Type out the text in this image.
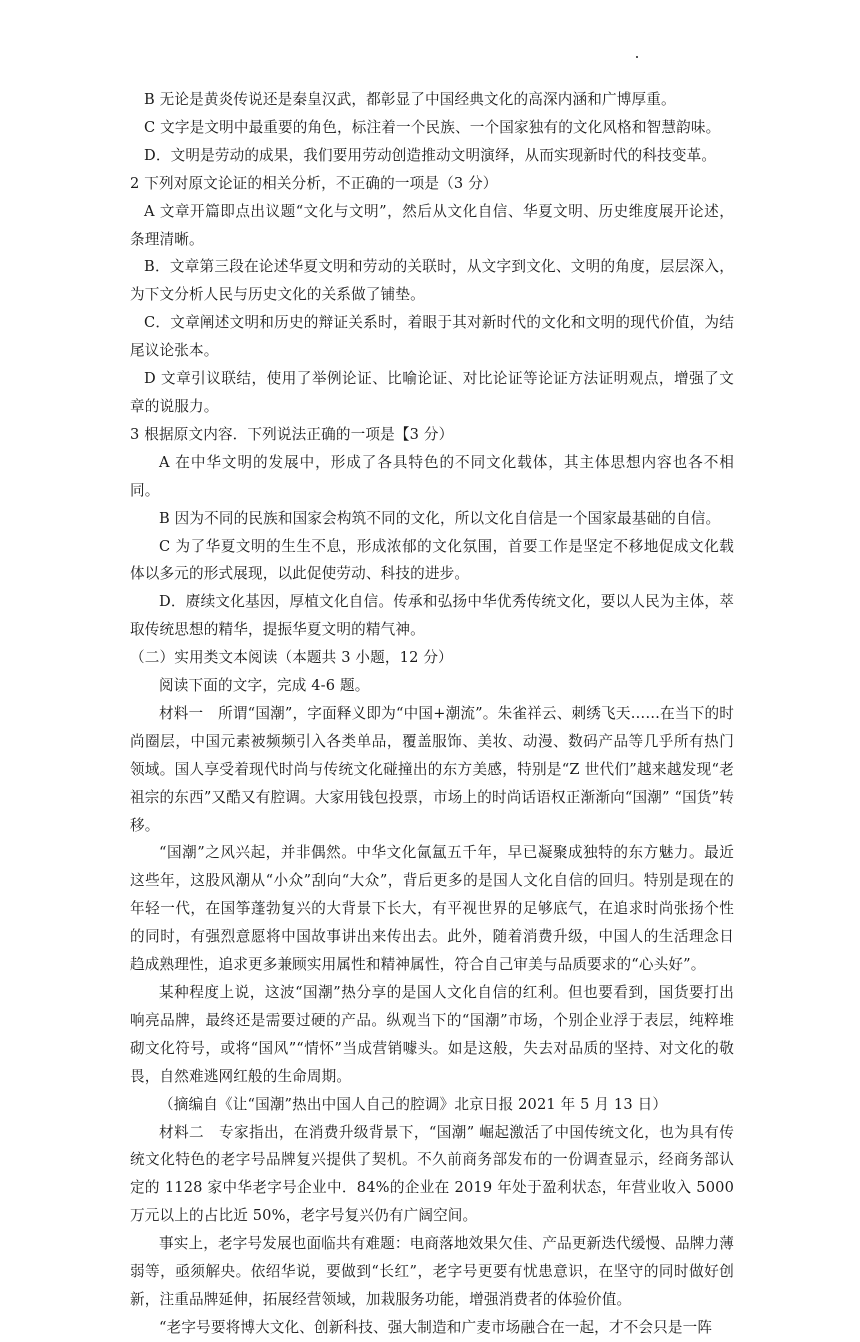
B 无论是黄炎传说还是秦皇汉武，都彰显了中国经典文化的高深内涵和广博厚重。

C 文字是文明中最重要的角色，标注着一个民族、一个国家独有的文化风格和智慧韵味。

D．文明是劳动的成果，我们要用劳动创造推动文明演绎，从而实现新时代的科技变革。

2 下列对原文论证的相关分析，不正确的一项是（3 分）

A 文章开篇即点出议题“文化与文明”，然后从文化自信、华夏文明、历史维度展开论述，条理清晰。

B．文章第三段在论述华夏文明和劳动的关联时，从文字到文化、文明的角度，层层深入，为下文分析人民与历史文化的关系做了铺垫。

C．文章阐述文明和历史的辩证关系时，着眼于其对新时代的文化和文明的现代价值，为结尾议论张本。

D 文章引议联结，使用了举例论证、比喻论证、对比论证等论证方法证明观点，增强了文章的说服力。

3 根据原文内容．下列说法正确的一项是【3 分）

A 在中华文明的发展中，形成了各具特色的不同文化载体，其主体思想内容也各不相同。

B 因为不同的民族和国家会构筑不同的文化，所以文化自信是一个国家最基础的自信。

C 为了华夏文明的生生不息，形成浓郁的文化氛围，首要工作是坚定不移地促成文化载体以多元的形式展现，以此促使劳动、科技的进步。

D．赓续文化基因，厚植文化自信。传承和弘扬中华优秀传统文化，要以人民为主体，萃取传统思想的精华，提振华夏文明的精气神。

（二）实用类文本阅读（本题共 3 小题，12 分）

阅读下面的文字，完成 4-6 题。

材料一　所谓“国潮”，字面释义即为“中国+潮流”。朱雀祥云、刺绣飞天……在当下的时尚圈层，中国元素被频频引入各类单品，覆盖服饰、美妆、动漫、数码产品等几乎所有热门领域。国人享受着现代时尚与传统文化碰撞出的东方美感，特别是“Z 世代们”越来越发现“老祖宗的东西”又酷又有腔调。大家用钱包投票，市场上的时尚话语权正渐渐向“国潮” “国货”转移。

“国潮”之风兴起，并非偶然。中华文化氤氲五千年，早已凝聚成独特的东方魅力。最近这些年，这股风潮从“小众”刮向“大众”，背后更多的是国人文化自信的回归。特别是现在的年轻一代，在国筝蓬勃复兴的大背景下长大，有平视世界的足够底气，在追求时尚张扬个性的同时，有强烈意愿将中国故事讲出来传出去。此外，随着消费升级，中国人的生活理念日趋成熟理性，追求更多兼顾实用属性和精神属性，符合自己审美与品质要求的“心头好”。

某种程度上说，这波“国潮”热分享的是国人文化自信的红利。但也要看到，国货要打出响亮品牌，最终还是需要过硬的产品。纵观当下的“国潮”市场，个别企业浮于表层，纯粹堆砌文化符号，或将“国风”“情怀”当成营销噱头。如是这般，失去对品质的坚持、对文化的敬畏，自然难逃网红般的生命周期。

（摘编自《让“国潮”热出中国人自己的腔调》北京日报 2021 年 5 月 13 日）

材料二　专家指出，在消费升级背景下，“国潮” 崛起激活了中国传统文化，也为具有传统文化特色的老字号品牌复兴提供了契机。不久前商务部发布的一份调查显示，经商务部认定的 1128 家中华老字号企业中．84%的企业在 2019 年处于盈利状态，年营业收入 5000 万元以上的占比近 50%，老字号复兴仍有广阔空间。

事实上，老字号发展也面临共有难题：电商落地效果欠佳、产品更新迭代缓慢、品牌力薄弱等，亟须解央。依绍华说，要做到“长红”，老字号更要有忧患意识，在坚守的同时做好创新，注重品牌延伸，拓展经营领域，加栽服务功能，增强消费者的体验价值。

“老字号要将博大文化、创新科技、强大制造和广麦市场融合在一起，才不会只是一阵
